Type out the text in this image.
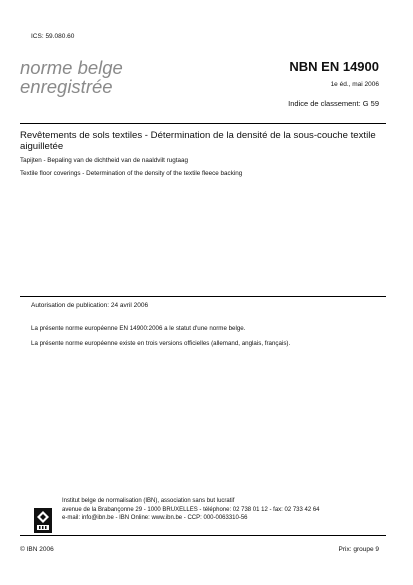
ICS: 59.080.60
norme belge
enregistrée
NBN EN 14900
1e éd., mai 2006
Indice de classement: G 59
Revêtements de sols textiles - Détermination de la densité de la sous-couche textile aiguilletée
Tapijten - Bepaling van de dichtheid van de naaldvilt rugtaag
Textile floor coverings - Determination of the density of the textile fleece backing
Autorisation de publication: 24 avril 2006
La présente norme européenne EN 14900:2006 a le statut d'une norme belge.
La présente norme européenne existe en trois versions officielles (allemand, anglais, français).
Institut belge de normalisation (IBN), association sans but lucratif
avenue de la Brabançonne 29 - 1000 BRUXELLES - téléphone: 02 738 01 12 - fax: 02 733 42 64
e-mail: info@ibn.be - IBN Online: www.ibn.be - CCP: 000-0063310-56
© IBN 2006	Prix: groupe 9
